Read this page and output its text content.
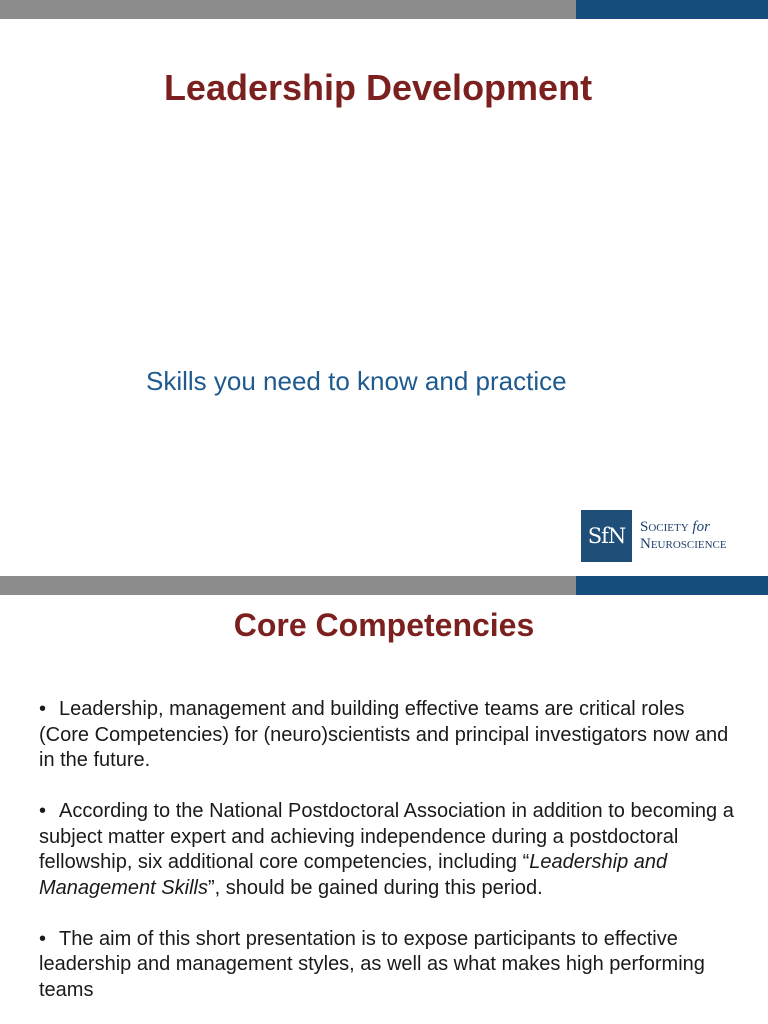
Leadership Development
Skills you need to know and practice
SfN Society for
Neuroscience
Core Competencies

• Leadership, management and building effective teams are critical roles (Core Competencies) for (neuro)scientists and principal investigators now and in the future.

• According to the National Postdoctoral Association in addition to becoming a subject matter expert and achieving independence during a postdoctoral fellowship, six additional core competencies, including “Leadership and Management Skills”, should be gained during this period.

• The aim of this short presentation is to expose participants to effective leadership and management styles, as well as what makes high performing teams
